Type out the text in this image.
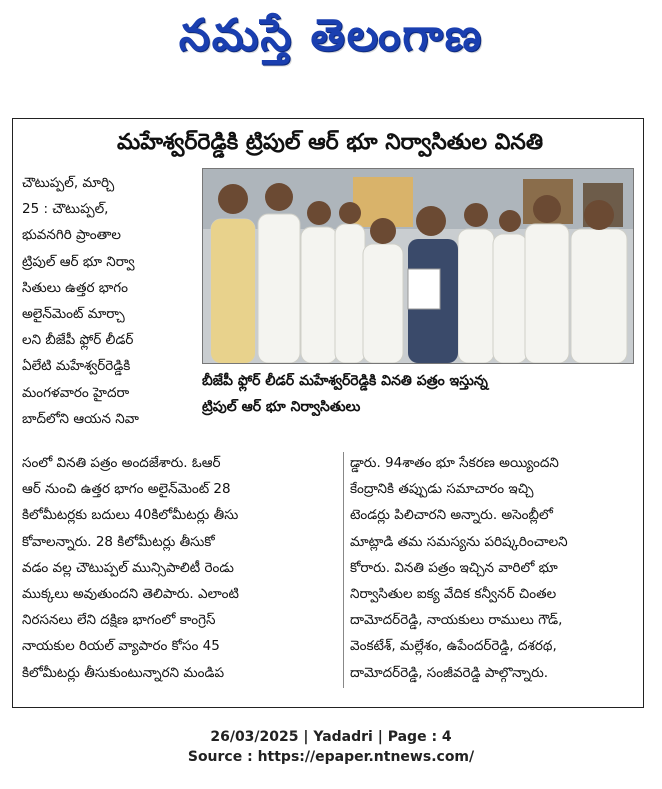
నమస్తే తెలంగాణ
మహేశ్వర్‌రెడ్డికి ట్రిపుల్ ఆర్ భూ నిర్వాసితుల వినతి
బీజేపీ ఫ్లోర్ లీడర్ మహేశ్వర్‌రెడ్డికి వినతి పత్రం ఇస్తున్న
ట్రిపుల్ ఆర్ భూ నిర్వాసితులు
చౌటుప్పల్, మార్చి
25 : చౌటుప్పల్,
భువనగిరి ప్రాంతాల
ట్రిపుల్ ఆర్ భూ నిర్వా
సితులు ఉత్తర భాగం
అలైన్‌మెంట్ మార్చా
లని బీజేపీ ఫ్లోర్ లీడర్
ఏలేటి మహేశ్వర్‌రెడ్డికి
మంగళవారం హైదరా
బాద్‌లోని ఆయన నివా
సంలో వినతి పత్రం అందజేశారు. ఓఆర్
ఆర్ నుంచి ఉత్తర భాగం అలైన్‌మెంట్ 28
కిలోమీటర్లకు బదులు 40కిలోమీటర్లు తీసు
కోవాలన్నారు. 28 కిలోమీటర్లు తీసుకో
వడం వల్ల చౌటుప్పల్ మున్సిపాలిటీ రెండు
ముక్కలు అవుతుందని తెలిపారు. ఎలాంటి
నిరసనలు లేని దక్షిణ భాగంలో కాంగ్రెస్
నాయకుల రియల్ వ్యాపారం కోసం 45
కిలోమీటర్లు తీసుకుంటున్నారని మండిప
డ్డారు. 94శాతం భూ సేకరణ అయ్యిందని
కేంద్రానికి తప్పుడు సమాచారం ఇచ్చి
టెండర్లు పిలిచారని అన్నారు. అసెంబ్లీలో
మాట్లాడి తమ సమస్యను పరిష్కరించాలని
కోరారు. వినతి పత్రం ఇచ్చిన వారిలో భూ
నిర్వాసితుల ఐక్య వేదిక కన్వీనర్ చింతల
దామోదర్‌రెడ్డి, నాయకులు రాములు గౌడ్,
వెంకటేశ్, మల్లేశం, ఉపేందర్‌రెడ్డి, దశరథ,
దామోదర్‌రెడ్డి, సంజీవరెడ్డి పాల్గొన్నారు.
26/03/2025 | Yadadri | Page : 4
Source : https://epaper.ntnews.com/
